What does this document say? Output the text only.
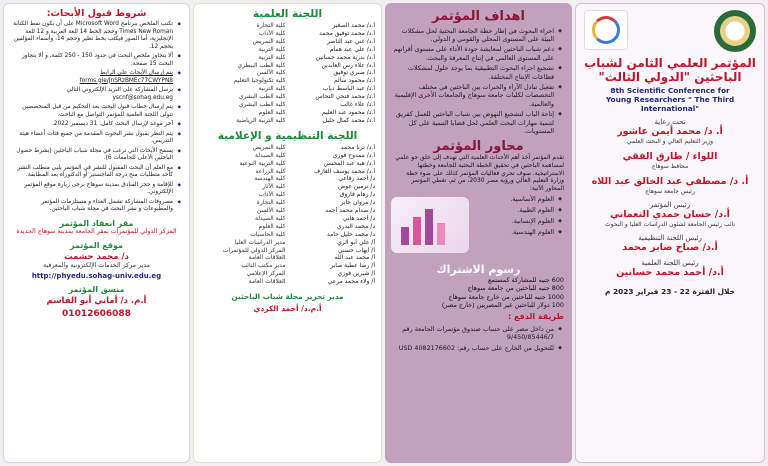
المؤتمر العلمي الثامن لشباب الباحثين "الدولي الثالث"
8th Scientific Conference for
Young Researchers " The Third
International"
تحت رعاية
أ. د/ محمد أيمن عاشور
وزير التعليم العالي و البحث العلمي
اللواء / طارق الفقي
محافظ سوهاج
أ. د/ مصطفي عبد الخالق عبد اللاه
رئيس جامعة سوهاج
رئيس المؤتمر
أ.د/ حسان حمدي النعماني
نائب رئيس الجامعة لشئون الدراسات العليا و البحوث
رئيس اللجنة التنظيمية
أ.د/ صباح صابر محمد
رئيس اللجنة العلمية
أ.د/ أحمد محمد حسانين
خلال الفترة 22 - 23 فبراير 2023 م
اهداف المؤتمر
◆ اجراء البحوث في إطار خطة الجامعة البحثية لحل مشكلات البيئة على المستوى المحلي والقومي و الدولي.
◆ دعم شباب الباحثين لمعايشة جودة الأداء على مستوى أقرانهم على المستوى العالمي في إنتاج المعرفة والبحث.
◆ تشجيع اجراء البحوث التطبيقية بما يوجد حلول لمشكلات قطاعات الإنتاج المختلفة.
◆ تفعيل تبادل الآراء والخبرات بين الباحثين في مختلف التخصصات لكليات جامعة سوهاج والجامعات الأخرى الإقليمية والعالمية.
◆ إتاحة الباب لتشجيع النهوض بين شباب الباحثين للعمل كفريق لتنمية مهارات البحث العلمي لحل قضايا التنمية على كل المستويات.
محاور المؤتمر
تقدم المؤتمر آخذ أهم الأحداث العلمية التي تهدف إلى خلق جو علمي لمساهمة الباحثين في تحقيق الخطة البحثية للجامعة وخطتها الاستراتيجية. سوف تجري فعاليات المؤتمر كذلك على ضوء خطة وزارة التعليم العالي ورؤية مصر 2030، من ثم، تغطي المؤتمر المحاور الآتية:
◆ العلوم الأساسية.
◆ العلوم الطبية.
◆ العلوم الإنسانية.
◆ العلوم الهندسية.
رسوم الاشتراك
600 جنيه للمشاركة كمستمع
800 جنيه للباحثين من جامعة سوهاج
1000 جنيه للباحثين من خارج جامعة سوهاج
100 دولار للباحثين غير المصريين (خارج مصر)
طريقة الدفع :
◆ من داخل مصر على حساب صندوق مؤتمرات الجامعة رقم 9/450/85446/7
◆ للتحويل من الخارج على حساب رقم: USD 4082176602
اللجنة العلمية
أ.د/ محمد الصغير
كلية التجارة
أ.د/ محمد توفيق محمد
كلية الآداب
أ.د/ غني عبد الناصر
كلية التمريض
أ.د/ علي عبد همام
كلية التربية
أ.د/ بدرية محمد حسانين
كلية التربية
أ.د/ علاء رس العابدين
كلية الطب البيطري
أ.د/ صبري توفيق
كلية الألسن
أ.د/ محمود سالم
كلية تكنولوجيا التعليم
أ.د/ عبد الباسط دياب
كلية التربية
أ.د/ محمد فتحي التحاس
كلية الطب البشري
أ.د/ علاء غالب
كلية الطب البشري
أ.د/ محمود عبد العليم
كلية العلوم
أ.د/ محمد كمال جليل
كلية التربية الرياضية
اللجنة التنظيمية و الإعلامية
أ.د/ نرنا محمد
كلية التمريض
أ.د/ ممدوح فوزي
كلية الصيدلة
أ.د/ هبة عبد المحسن
كلية التربية النوعية
أ.د/ محمد يوسف الغارف
كلية الزراعة
د/ أحمد رفاعي
كلية الهندسة
د/ نرمين عوض
كلية الآثار
د/ رهام فاروق
كلية الآداب
د/ مروان جابر
كلية التجارة
د/ صدام محمد أحمد
كلية الألسن
د/ أحمد هاني
كلية الصيدلة
د/ محمد البدري
كلية العلوم
د/ محمد خليل حامد
كلية الحاسبات
أ/ علي أبو الري
مدير الدراسات العليا
أ/ ايهاب حسني
المركز الدولي للمؤتمرات
أ/ محمد عبد الله
العلاقات العامة
أ/ رضا عطية صابر
مدير مكتب النائب
أ/ شيرين فوزي
المركز الإعلامي
أ/ ولاء محمد مرعي
العلاقات العامة
مدير تحرير مجلة شباب الباحثين
أ.م.د/ أحمد الكردي
شروط قبول الأبحاث:
◆ تكتب الملخص ببرنامج Microsoft Word على أن يكون نمط الكتابة Times New Roman وحجم الخط 14 للغة العربية و 12 للغة الإنجليزية، أما الصور فيكتب بخط نظير وحجم 14، وأسماء المؤلفين بحجم 12.
◆ ألا يتجاوز ملخص البحث في حدود 150 - 250 كلمة، و ألا يتجاوز البحث 15 صفحة.
◆ يتم إرسال الأبحاث على الرابط forms.gle/JnSRzBMEc77CWYPN8
◆ يرسل المشاركة على البريد الإلكتروني التالي yscnf@sohag.edu.eg
◆ يتم إرسال خطاب قبول البحث بعد التحكيم من قبل المتخصصين تتولى اللجنة العلمية للمؤتمر التواصل مع الباحث.
◆ آخر موعد لإرسال البحث كامل: 31 ديسمبر 2022.
◆ يتم النظر بقبول نشر البحوث المقدمة من جميع فئات أعضاء هيئة التدريس.
◆ يسمح الأبحاث التي ترغب في مجلة شباب الباحثين (بشرط حصول الباحثين الأعلى للجامعات 6).
◆ مع العلم أن البحث المقبول للنشر في المؤتمر يلبي متطلب النشر كأحد متطلبات منح درجة الماجستير أو الدكتوراة بعد المطابقة.
◆ للإقامة و حجز الفنادق بمدينة سوهاج برجى زيارة موقع المؤتمر الإلكتروني.
◆ مصروفات المشاركة تشمل الغداء و مستلزمات المؤتمر والمطبوعات و نشر البحث في مجلة شباب الباحثين.
مقر انعقاد المؤتمر
المركز الدولي للمؤتمرات بمقر الجامعة بمدينة سوهاج الجديدة
موقع المؤتمر
د/ محمد حشمت
مدير مركز الخدمات الإلكترونية والمعرفية
http://phyedu.sohag-univ.edu.eg
منسق المؤتمر
أ.م. د/ أماني أبو القاسم
01012606088
